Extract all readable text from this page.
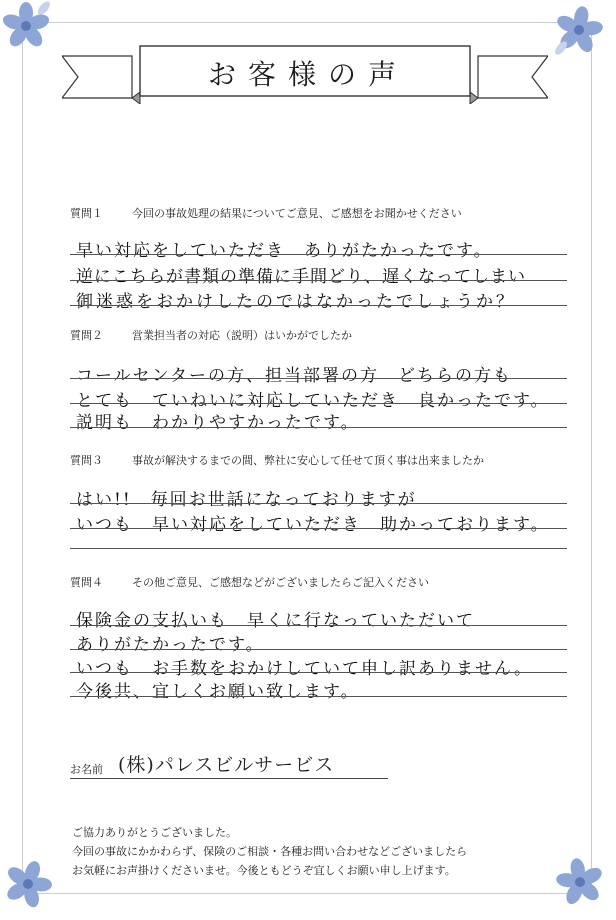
お客様の声
質問１	今回の事故処理の結果についてご意見、ご感想をお聞かせください
早い対応をしていただき　ありがたかったです。
逆にこちらが書類の準備に手間どり、遅くなってしまい
御迷惑をおかけしたのではなかったでしょうか？
質問２	営業担当者の対応（説明）はいかがでしたか
コールセンターの方、担当部署の方　どちらの方も
とても　ていねいに対応していただき　良かったです。
説明も　わかりやすかったです。
質問３	事故が解決するまでの間、弊社に安心して任せて頂く事は出来ましたか
はい!!　毎回お世話になっておりますが
いつも　早い対応をしていただき　助かっております。
質問４	その他ご意見、ご感想などがございましたらご記入ください
保険金の支払いも　早くに行なっていただいて
ありがたかったです。
いつも　お手数をおかけしていて申し訳ありません。
今後共、宜しくお願い致します。
お名前 (株)パレスビルサービス
ご協力ありがとうございました。
今回の事故にかかわらず、保険のご相談・各種お問い合わせなどございましたら
お気軽にお声掛けくださいませ。今後ともどうぞ宜しくお願い申し上げます。
